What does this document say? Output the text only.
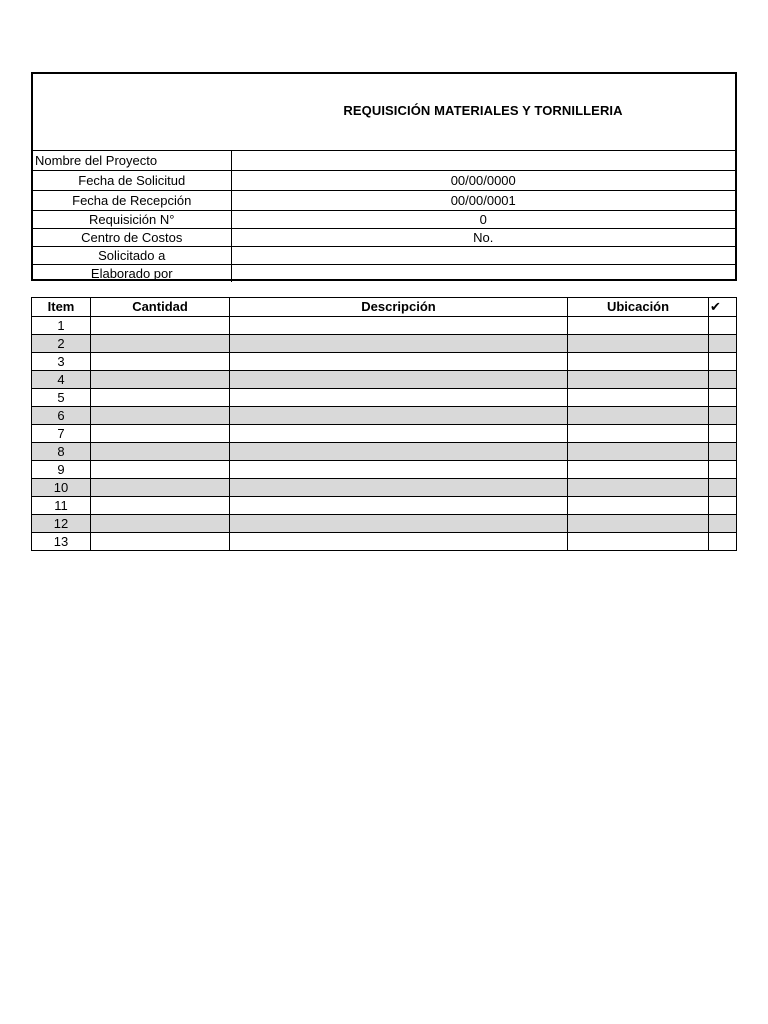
REQUISICIÓN MATERIALES Y TORNILLERIA
Nombre del Proyecto	
Fecha de Solicitud	00/00/0000
Fecha de Recepción	00/00/0001
Requisición N°	0
Centro de Costos	No.
Solicitado a	
Elaborado por	
Item	Cantidad	Descripción	Ubicación	✔
1				
2				
3				
4				
5				
6				
7				
8				
9				
10				
11				
12				
13				
